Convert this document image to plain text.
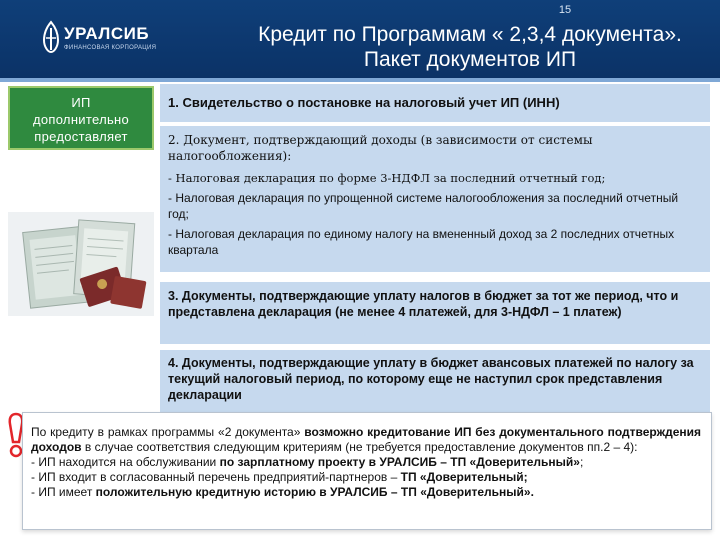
15
УРАЛСИБ
ФИНАНСОВАЯ КОРПОРАЦИЯ
Кредит по Программам « 2,3,4 документа».
Пакет документов ИП
ИП
дополнительно
предоставляет
1. Свидетельство о постановке на налоговый учет ИП (ИНН)
2. Документ, подтверждающий доходы (в зависимости от системы налогообложения):
- Налоговая декларация по форме 3-НДФЛ за последний отчетный год;
- Налоговая декларация по упрощенной системе налогообложения за последний отчетный год;
- Налоговая декларация по единому налогу на вмененный доход за 2 последних отчетных квартала
3. Документы, подтверждающие уплату налогов в бюджет за тот же период, что и представлена декларация (не менее 4 платежей, для 3-НДФЛ – 1 платеж)
4. Документы, подтверждающие уплату в бюджет авансовых платежей по налогу за текущий налоговый период, по которому еще не наступил срок представления декларации

По кредиту в рамках программы «2 документа» возможно кредитование ИП без документального подтверждения доходов в случае соответствия следующим критериям (не требуется предоставление документов пп.2 – 4):

- ИП находится на обслуживании по зарплатному проекту в УРАЛСИБ – ТП «Доверительный»;

- ИП входит в согласованный перечень предприятий-партнеров – ТП «Доверительный;

- ИП имеет положительную кредитную историю в УРАЛСИБ – ТП «Доверительный».
